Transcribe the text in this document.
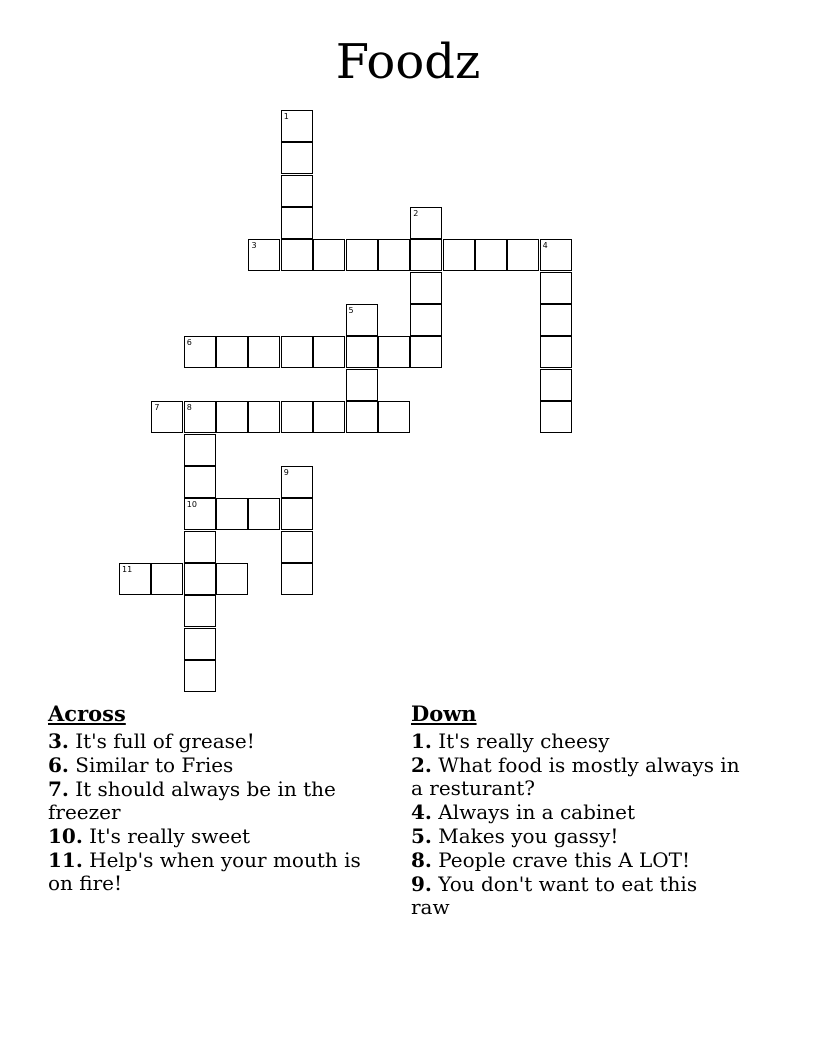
Foodz
1
2
3	4
5
6
7	8
10
9
11
Across
3. It's full of grease!
6. Similar to Fries
7. It should always be in the freezer
10. It's really sweet
11. Help's when your mouth is on fire!
Down
1. It's really cheesy
2. What food is mostly always in a resturant?
4. Always in a cabinet
5. Makes you gassy!
8. People crave this A LOT!
9. You don't want to eat this raw
